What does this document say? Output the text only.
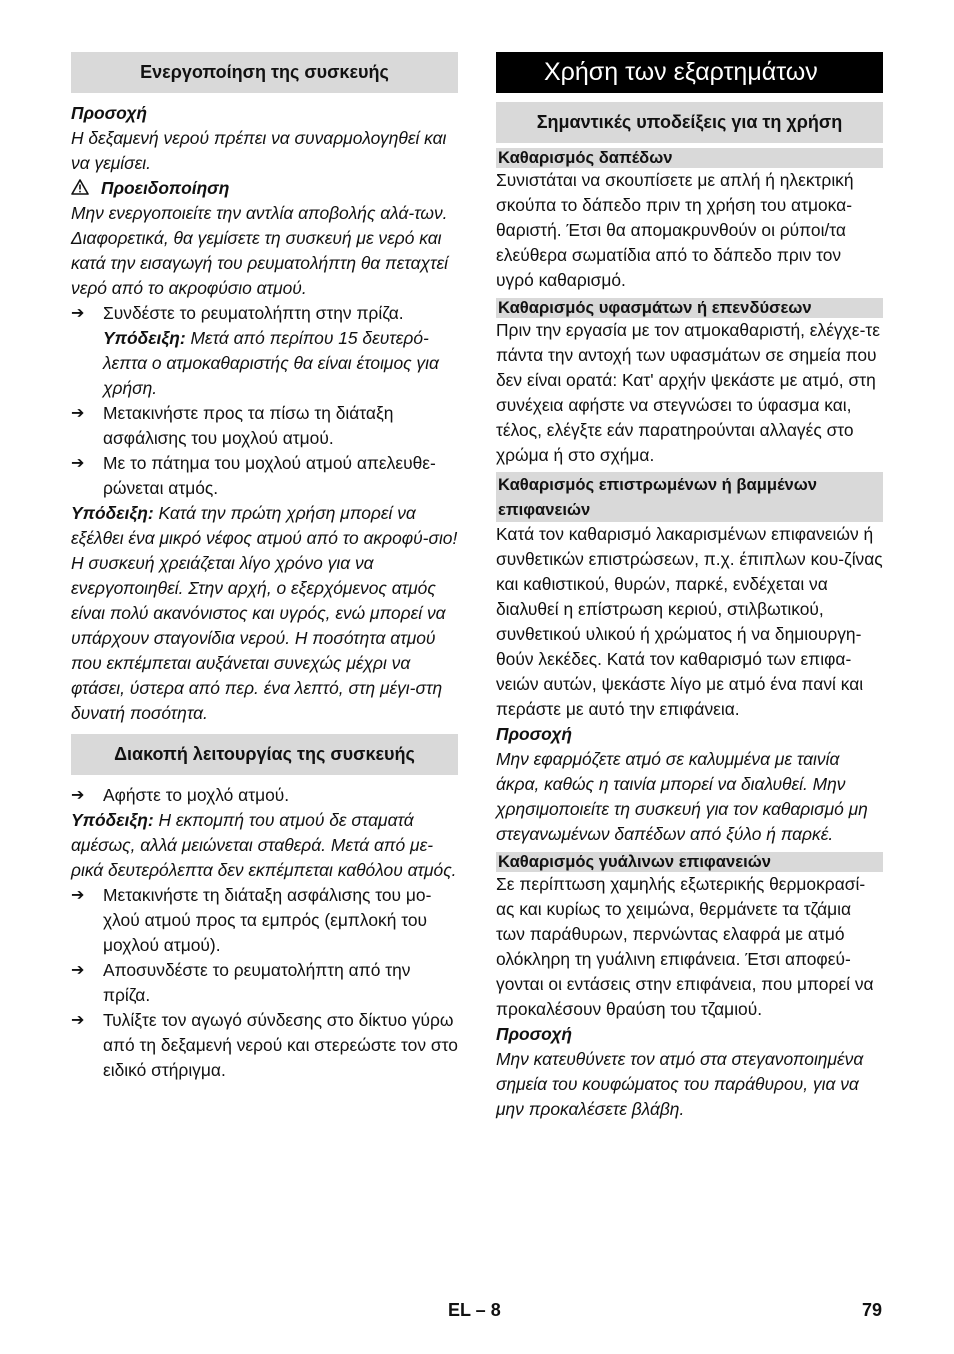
Ενεργοποίηση της συσκευής

Προσοχή

Η δεξαμενή νερού πρέπει να συναρμολογηθεί και να γεμίσει.

Προειδοποίηση

Μην ενεργοποιείτε την αντλία αποβολής αλά-των. Διαφορετικά, θα γεμίσετε τη συσκευή με νερό και κατά την εισαγωγή του ρευματολήπτη θα πεταχτεί νερό από το ακροφύσιο ατμού.

➔	Συνδέστε το ρευματολήπτη στην πρίζα.

Υπόδειξη: Μετά από περίπου 15 δευτερό-λεπτα ο ατμοκαθαριστής θα είναι έτοιμος για χρήση.

➔	Μετακινήστε προς τα πίσω τη διάταξη ασφάλισης του μοχλού ατμού.

➔	Με το πάτημα του μοχλού ατμού απελευθε-ρώνεται ατμός.

Υπόδειξη: Κατά την πρώτη χρήση μπορεί να εξέλθει ένα μικρό νέφος ατμού από το ακροφύ-σιο! Η συσκευή χρειάζεται λίγο χρόνο για να ενεργοποιηθεί. Στην αρχή, ο εξερχόμενος ατμός είναι πολύ ακανόνιστος και υγρός, ενώ μπορεί να υπάρχουν σταγονίδια νερού. Η ποσότητα ατμού που εκπέμπεται αυξάνεται συνεχώς μέχρι να φτάσει, ύστερα από περ. ένα λεπτό, στη μέγι-στη δυνατή ποσότητα.

Διακοπή λειτουργίας της συσκευής
➔	Αφήστε το μοχλό ατμού.

Υπόδειξη: Η εκπομπή του ατμού δε σταματά αμέσως, αλλά μειώνεται σταθερά. Μετά από με-ρικά δευτερόλεπτα δεν εκπέμπεται καθόλου ατμός.

➔	Μετακινήστε τη διάταξη ασφάλισης του μο-χλού ατμού προς τα εμπρός (εμπλοκή του μοχλού ατμού).

➔	Αποσυνδέστε το ρευματολήπτη από την πρίζα.

➔	Τυλίξτε τον αγωγό σύνδεσης στο δίκτυο γύρω από τη δεξαμενή νερού και στερεώστε τον στο ειδικό στήριγμα.

Χρήση των εξαρτημάτων
Σημαντικές υποδείξεις για τη χρήση
Καθαρισμός δαπέδων

Συνιστάται να σκουπίσετε με απλή ή ηλεκτρική σκούπα το δάπεδο πριν τη χρήση του ατμοκα-θαριστή. Έτσι θα απομακρυνθούν οι ρύποι/τα ελεύθερα σωματίδια από το δάπεδο πριν τον υγρό καθαρισμό.

Καθαρισμός υφασμάτων ή επενδύσεων

Πριν την εργασία με τον ατμοκαθαριστή, ελέγχε-τε πάντα την αντοχή των υφασμάτων σε σημεία που δεν είναι ορατά: Κατ' αρχήν ψεκάστε με ατμό, στη συνέχεια αφήστε να στεγνώσει το ύφασμα και, τέλος, ελέγξτε εάν παρατηρούνται αλλαγές στο χρώμα ή στο σχήμα.

Καθαρισμός επιστρωμένων ή βαμμένων επιφανειών

Κατά τον καθαρισμό λακαρισμένων επιφανειών ή συνθετικών επιστρώσεων, π.χ. έπιπλων κου-ζίνας και καθιστικού, θυρών, παρκέ, ενδέχεται να διαλυθεί η επίστρωση κεριού, στιλβωτικού, συνθετικού υλικού ή χρώματος ή να δημιουργη-θούν λεκέδες. Κατά τον καθαρισμό των επιφα-νειών αυτών, ψεκάστε λίγο με ατμό ένα πανί και περάστε με αυτό την επιφάνεια.

Προσοχή

Μην εφαρμόζετε ατμό σε καλυμμένα με ταινία άκρα, καθώς η ταινία μπορεί να διαλυθεί. Μην χρησιμοποιείτε τη συσκευή για τον καθαρισμό μη στεγανωμένων δαπέδων από ξύλο ή παρκέ.

Καθαρισμός γυάλινων επιφανειών

Σε περίπτωση χαμηλής εξωτερικής θερμοκρασί-ας και κυρίως το χειμώνα, θερμάνετε τα τζάμια των παράθυρων, περνώντας ελαφρά με ατμό ολόκληρη τη γυάλινη επιφάνεια. Έτσι αποφεύ-γονται οι εντάσεις στην επιφάνεια, που μπορεί να προκαλέσουν θραύση του τζαμιού.

Προσοχή

Μην κατευθύνετε τον ατμό στα στεγανοποιημένα σημεία του κουφώματος του παράθυρου, για να μην προκαλέσετε βλάβη.

EL – 8	79
